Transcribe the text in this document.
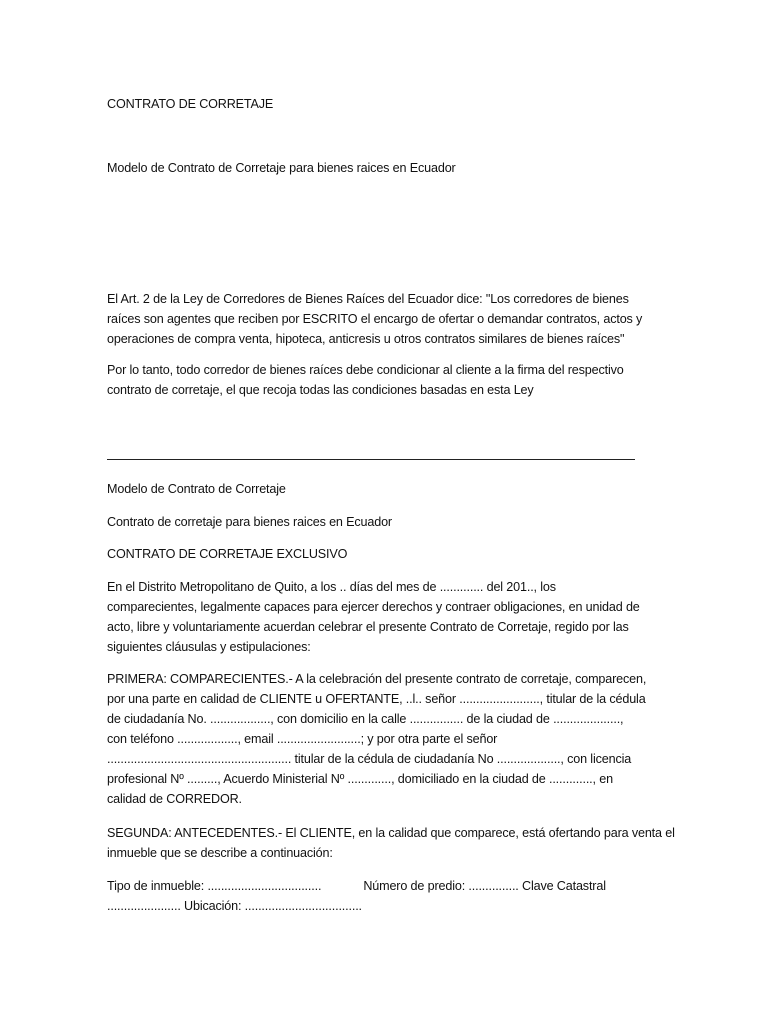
CONTRATO DE CORRETAJE

Modelo de Contrato de Corretaje para bienes raices en Ecuador

El Art. 2 de la Ley de Corredores de Bienes Raíces del Ecuador dice: "Los corredores de bienes
raíces son agentes que reciben por ESCRITO el encargo de ofertar o demandar contratos, actos y
operaciones de compra venta, hipoteca, anticresis u otros contratos similares de bienes raíces"

Por lo tanto, todo corredor de bienes raíces debe condicionar al cliente a la firma del respectivo
contrato de corretaje, el que recoja todas las condiciones basadas en esta Ley

Modelo de Contrato de Corretaje

Contrato de corretaje para bienes raices en Ecuador

CONTRATO DE CORRETAJE EXCLUSIVO

En el Distrito Metropolitano de Quito, a los .. días del mes de ............. del 201.., los
comparecientes, legalmente capaces para ejercer derechos y contraer obligaciones, en unidad de
acto, libre y voluntariamente acuerdan celebrar el presente Contrato de Corretaje, regido por las
siguientes cláusulas y estipulaciones:

PRIMERA: COMPARECIENTES.- A la celebración del presente contrato de corretaje, comparecen,
por una parte en calidad de CLIENTE u OFERTANTE, ..l.. señor ........................, titular de la cédula
de ciudadanía No. .................., con domicilio en la calle ................ de la ciudad de ....................,
con teléfono .................., email .........................; y por otra parte el señor
....................................................... titular de la cédula de ciudadanía No ..................., con licencia
profesional Nº ........., Acuerdo Ministerial Nº ............., domiciliado en la ciudad de ............., en
calidad de CORREDOR.

SEGUNDA: ANTECEDENTES.- El CLIENTE, en la calidad que comparece, está ofertando para venta el
inmueble que se describe a continuación:

Tipo de inmueble: ..................................	Número de predio: ............... Clave Catastral
...................... Ubicación: ...................................
